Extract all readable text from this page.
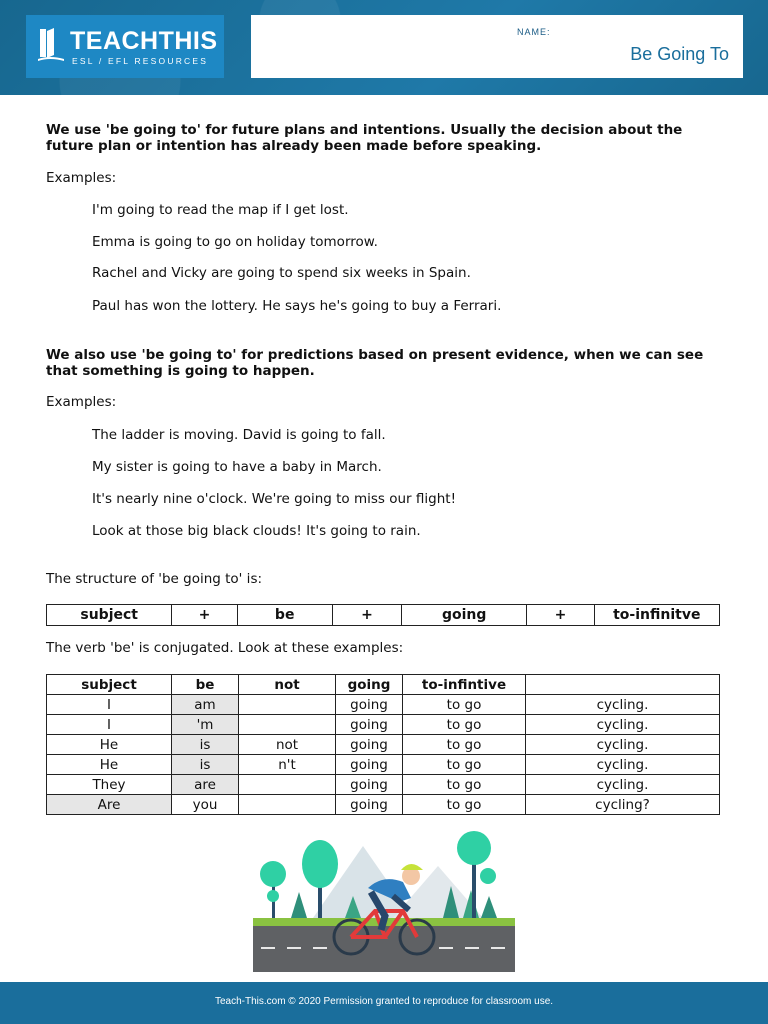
TEACHTHIS
ESL / EFL RESOURCES
NAME:
Be Going To
We use 'be going to' for future plans and intentions. Usually the decision about the future plan or intention has already been made before speaking.
Examples:
I'm going to read the map if I get lost.
Emma is going to go on holiday tomorrow.
Rachel and Vicky are going to spend six weeks in Spain.
Paul has won the lottery. He says he's going to buy a Ferrari.
We also use 'be going to' for predictions based on present evidence, when we can see that something is going to happen.
Examples:
The ladder is moving. David is going to fall.
My sister is going to have a baby in March.
It's nearly nine o'clock. We're going to miss our flight!
Look at those big black clouds! It's going to rain.
The structure of 'be going to' is:
subject	+	be	+	going	+	to-infinitve
The verb 'be' is conjugated. Look at these examples:
subject	be	not	going	to-infintive	
I	am		going	to go	cycling.
I	'm		going	to go	cycling.
He	is	not	going	to go	cycling.
He	is	n't	going	to go	cycling.
They	are		going	to go	cycling.
Are	you		going	to go	cycling?
Teach-This.com © 2020 Permission granted to reproduce for classroom use.
